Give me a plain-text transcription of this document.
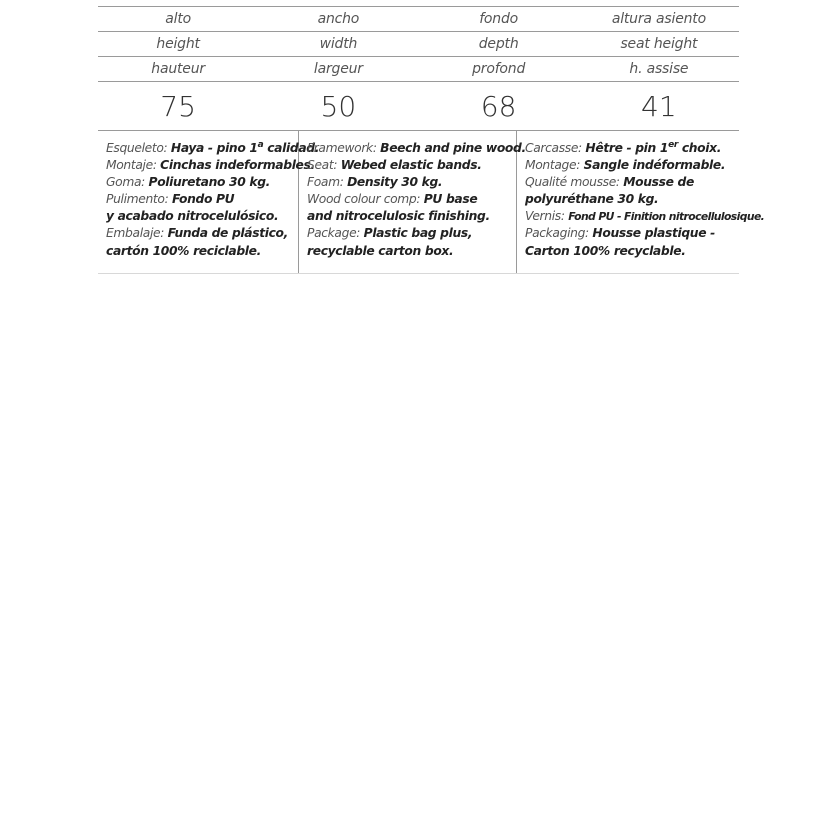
alto	ancho	fondo	altura asiento
height	width	depth	seat height
hauteur	largeur	profond	h. assise
75	50	68	41
Esqueleto: Haya - pino 1$^a$ calidad.
Montaje: Cinchas indeformables.
Goma: Poliuretano 30 kg.
Pulimento: Fondo PU
y acabado nitrocelulósico.
Embalaje: Funda de plástico,
cartón 100% reciclable.
Framework: Beech and pine wood.
Seat: Webed elastic bands.
Foam: Density 30 kg.
Wood colour comp: PU base
and nitrocelulosic finishing.
Package: Plastic bag plus,
recyclable carton box.
Carcasse: Hêtre - pin 1er choix.
Montage: Sangle indéformable.
Qualité mousse: Mousse de
polyuréthane 30 kg.
Vernis: Fond PU - Finition nitrocellulosique.
Packaging: Housse plastique -
Carton 100% recyclable.
